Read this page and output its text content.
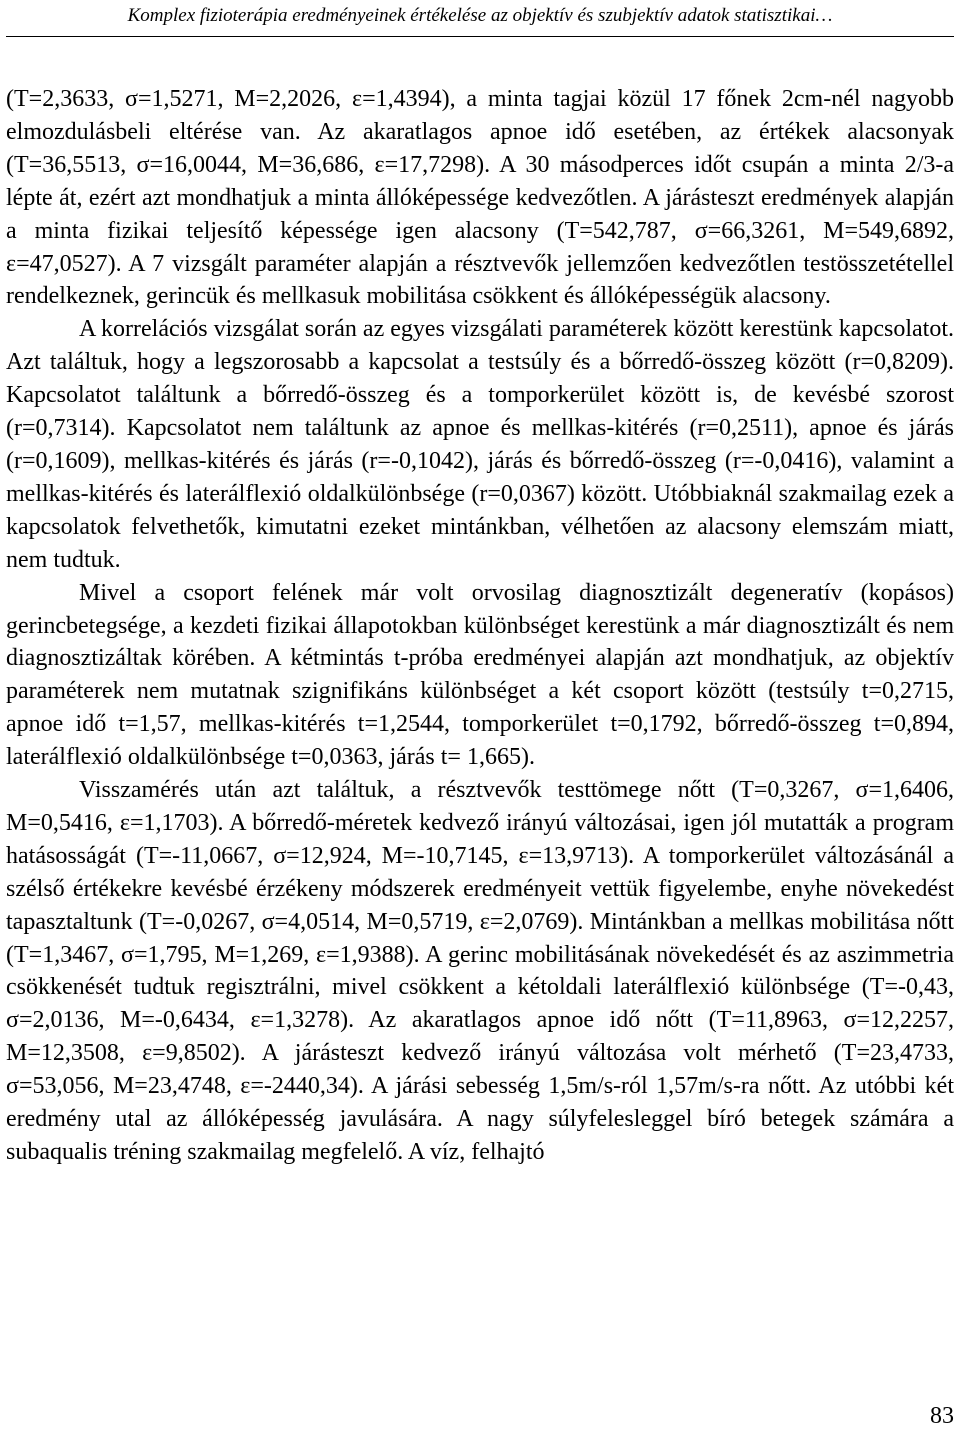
Komplex fizioterápia eredményeinek értékelése az objektív és szubjektív adatok statisztikai…

(T=2,3633, σ=1,5271, M=2,2026, ε=1,4394), a minta tagjai közül 17 főnek 2cm-nél nagyobb elmozdulásbeli eltérése van. Az akaratlagos apnoe idő esetében, az értékek alacsonyak (T=36,5513, σ=16,0044, M=36,686, ε=17,7298). A 30 másodperces időt csupán a minta 2/3-a lépte át, ezért azt mondhatjuk a minta állóképessége kedvezőtlen. A járásteszt eredmények alapján a minta fizikai teljesítő képessége igen alacsony (T=542,787, σ=66,3261, M=549,6892, ε=47,0527). A 7 vizsgált paraméter alapján a résztvevők jellemzően kedvezőtlen testösszetétellel rendelkeznek, gerincük és mellkasuk mobilitása csökkent és állóképességük alacsony.

A korrelációs vizsgálat során az egyes vizsgálati paraméterek között kerestünk kapcsolatot. Azt találtuk, hogy a legszorosabb a kapcsolat a testsúly és a bőrredő-összeg között (r=0,8209). Kapcsolatot találtunk a bőrredő-összeg és a tomporkerület között is, de kevésbé szorost (r=0,7314). Kapcsolatot nem találtunk az apnoe és mellkas-kitérés (r=0,2511), apnoe és járás (r=0,1609), mellkas-kitérés és járás (r=-0,1042), járás és bőrredő-összeg (r=-0,0416), valamint a mellkas-kitérés és laterálflexió oldalkülönbsége (r=0,0367) között. Utóbbiaknál szakmailag ezek a kapcsolatok felvethetők, kimutatni ezeket mintánkban, vélhetően az alacsony elemszám miatt, nem tudtuk.

Mivel a csoport felének már volt orvosilag diagnosztizált degeneratív (kopásos) gerincbetegsége, a kezdeti fizikai állapotokban különbséget kerestünk a már diagnosztizált és nem diagnosztizáltak körében. A kétmintás t-próba eredményei alapján azt mondhatjuk, az objektív paraméterek nem mutatnak szignifikáns különbséget a két csoport között (testsúly t=0,2715, apnoe idő t=1,57, mellkas-kitérés t=1,2544, tomporkerület t=0,1792, bőrredő-összeg t=0,894, laterálflexió oldalkülönbsége t=0,0363, járás t= 1,665).

Visszamérés után azt találtuk, a résztvevők testtömege nőtt (T=0,3267, σ=1,6406, M=0,5416, ε=1,1703). A bőrredő-méretek kedvező irányú változásai, igen jól mutatták a program hatásosságát (T=-11,0667, σ=12,924, M=-10,7145, ε=13,9713). A tomporkerület változásánál a szélső értékekre kevésbé érzékeny módszerek eredményeit vettük figyelembe, enyhe növekedést tapasztaltunk (T=-0,0267, σ=4,0514, M=0,5719, ε=2,0769). Mintánkban a mellkas mobilitása nőtt (T=1,3467, σ=1,795, M=1,269, ε=1,9388). A gerinc mobilitásának növekedését és az aszimmetria csökkenését tudtuk regisztrálni, mivel csökkent a kétoldali laterálflexió különbsége (T=-0,43, σ=2,0136, M=-0,6434, ε=1,3278). Az akaratlagos apnoe idő nőtt (T=11,8963, σ=12,2257, M=12,3508, ε=9,8502). A járásteszt kedvező irányú változása volt mérhető (T=23,4733, σ=53,056, M=23,4748, ε=-2440,34). A járási sebesség 1,5m/s-ról 1,57m/s-ra nőtt. Az utóbbi két eredmény utal az állóképesség javulására. A nagy súlyfelesleggel bíró betegek számára a subaqualis tréning szakmailag megfelelő. A víz, felhajtó

83
